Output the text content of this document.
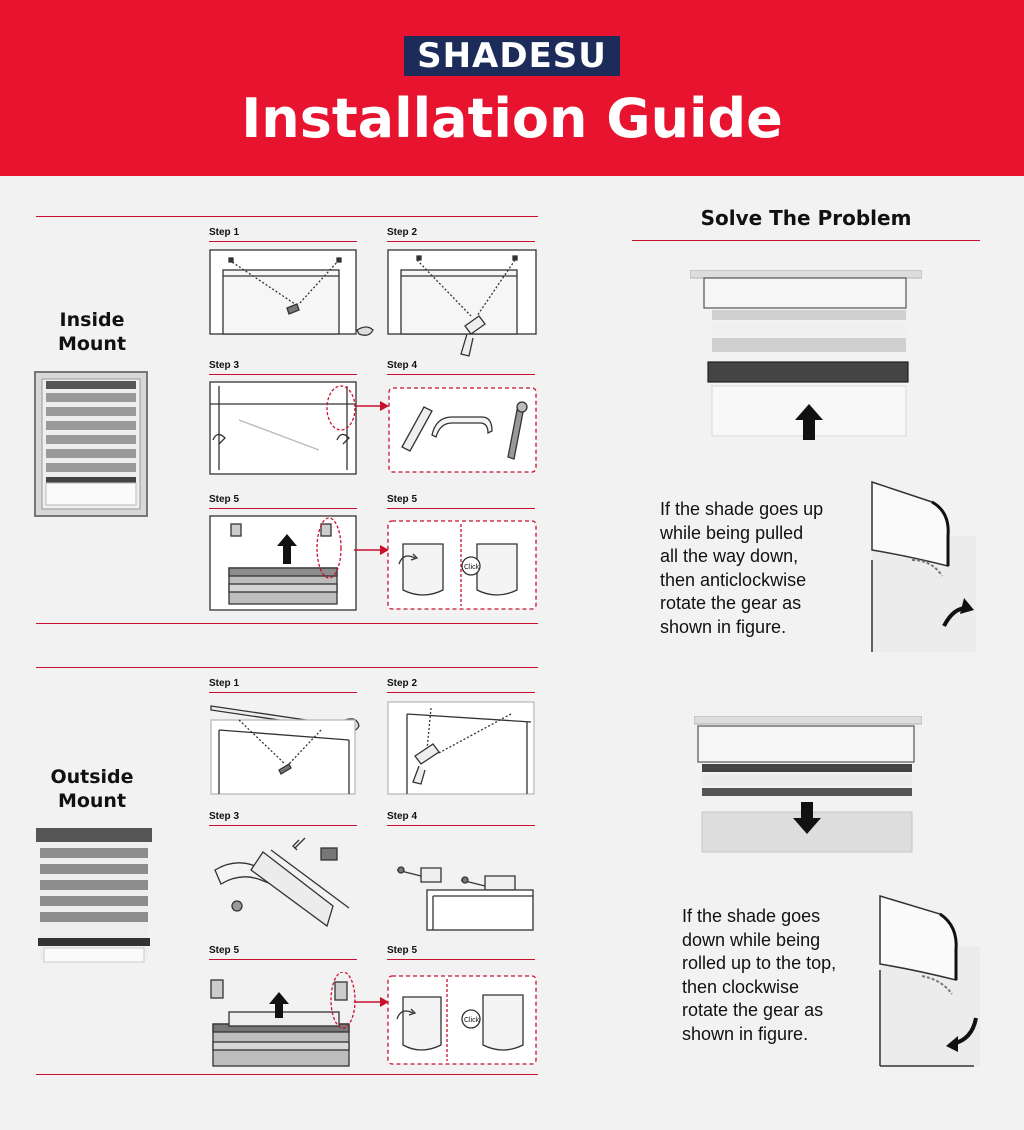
SHADESU
Installation Guide
Inside
Mount
Step 1	Step 2
Step 3	Step 4
Step 5	Step 5
Click
Outside
Mount
Step 1	Step 2
Step 3	Step 4
Step 5	Step 5
Click
Solve The Problem
If the shade goes up
while being pulled
all the way down,
then anticlockwise
rotate the gear as
shown in figure.
If the shade goes
down while being
rolled up to the top,
then clockwise
rotate the gear as
shown in figure.
